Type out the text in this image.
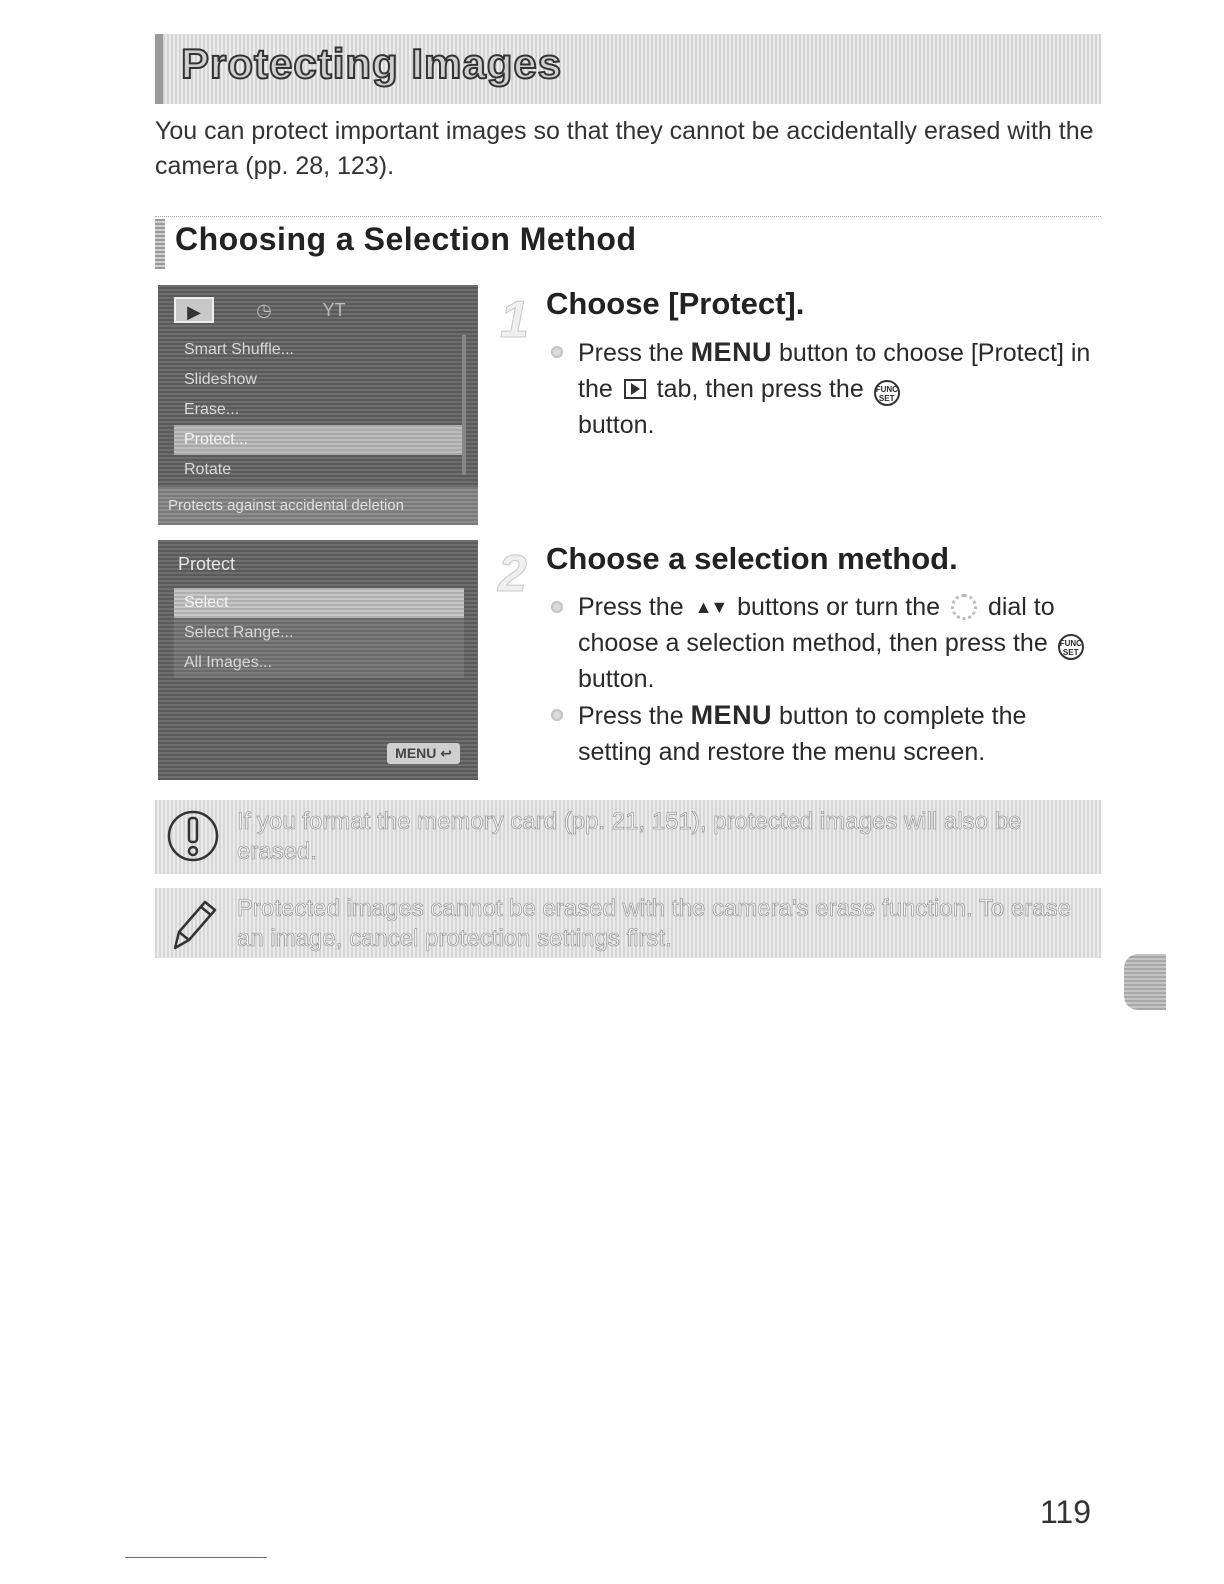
Protecting Images
You can protect important images so that they cannot be accidentally erased with the camera (pp. 28, 123).
Choosing a Selection Method
▶	◷	YT
Smart Shuffle...
Slideshow
Erase...
Protect...
Rotate
Protects against accidental deletion
Protect
Select
Select Range...
All Images...
MENU ↩
1 Choose [Protect].
Press the MENU button to choose [Protect] in the  tab, then press the FUNC
SET
button.
2 Choose a selection method.
Press the ▲▼ buttons or turn the  dial to choose a selection method, then press the FUNC
SET button.
Press the MENU button to complete the setting and restore the menu screen.
If you format the memory card (pp. 21, 151), protected images will also be erased.
Protected images cannot be erased with the camera's erase function. To erase an image, cancel protection settings first.
119
